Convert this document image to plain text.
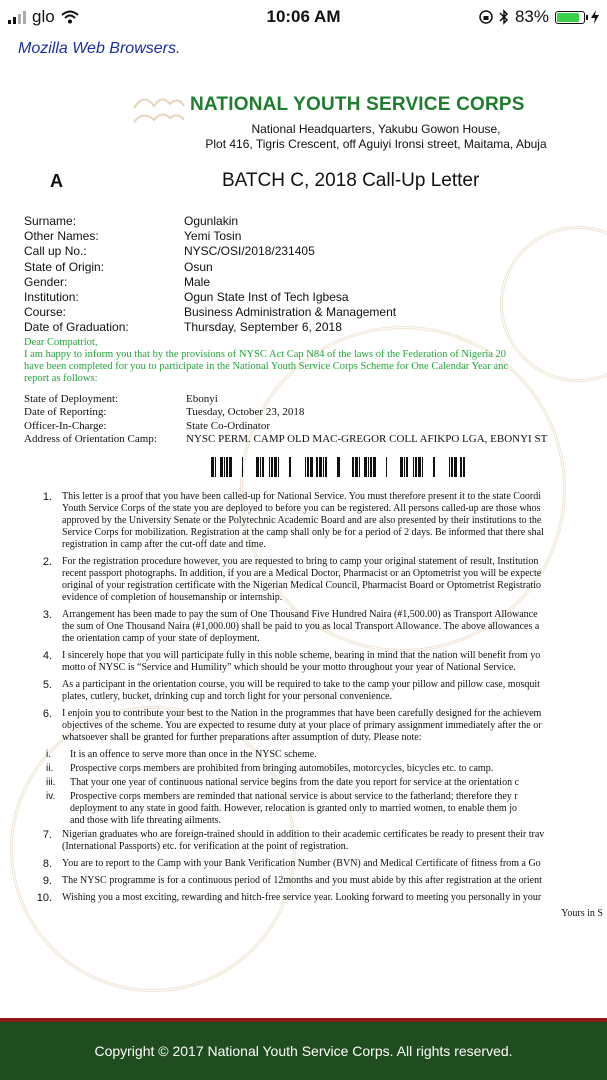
glo	10:06 AM	83%
Mozilla Web Browsers.
NATIONAL YOUTH SERVICE CORPS
National Headquarters, Yakubu Gowon House,
Plot 416, Tigris Crescent, off Aguiyi Ironsi street, Maitama, Abuja
A	BATCH C, 2018 Call-Up Letter
Surname:	Ogunlakin
Other Names:	Yemi Tosin
Call up No.:	NYSC/OSI/2018/231405
State of Origin:	Osun
Gender:	Male
Institution:	Ogun State Inst of Tech Igbesa
Course:	Business Administration & Management
Date of Graduation:	Thursday, September 6, 2018
Dear Compatriot,
I am happy to inform you that by the provisions of NYSC Act Cap N84 of the laws of the Federation of Nigeria 20
have been completed for you to participate in the National Youth Service Corps Scheme for One Calendar Year anc
report as follows:
State of Deployment:	Ebonyi
Date of Reporting:	Tuesday, October 23, 2018
Officer-In-Charge:	State Co-Ordinator
Address of Orientation Camp:	NYSC PERM. CAMP OLD MAC-GREGOR COLL AFIKPO LGA, EBONYI ST
1. This letter is a proof that you have been called-up for National Service. You must therefore present it to the state Coordi
Youth Service Corps of the state you are deployed to before you can be registered. All persons called-up are those whos
approved by the University Senate or the Polytechnic Academic Board and are also presented by their institutions to the
Service Corps for mobilization. Registration at the camp shall only be for a period of 2 days. Be informed that there shal
registration in camp after the cut-off date and time.
2. For the registration procedure however, you are requested to bring to camp your original statement of result, Institution
recent passport photographs. In addition, if you are a Medical Doctor, Pharmacist or an Optometrist you will be expecte
original of your registration certificate with the Nigerian Medical Council, Pharmacist Board or Optometrist Registratio
evidence of completion of housemanship or internship.
3. Arrangement has been made to pay the sum of One Thousand Five Hundred Naira (#1,500.00) as Transport Allowance
the sum of One Thousand Naira (#1,000.00) shall be paid to you as local Transport Allowance. The above allowances a
the orientation camp of your state of deployment.
4. I sincerely hope that you will participate fully in this noble scheme, bearing in mind that the nation will benefit from yo
motto of NYSC is “Service and Humility” which should be your motto throughout your year of National Service.
5. As a participant in the orientation course, you will be required to take to the camp your pillow and pillow case, mosquit
plates, cutlery, bucket, drinking cup and torch light for your personal convenience.
6. I enjoin you to contribute your best to the Nation in the programmes that have been carefully designed for the achievem
objectives of the scheme. You are expected to resume duty at your place of primary assignment immediately after the or
whatsoever shall be granted for further preparations after assumption of duty. Please note:
i. It is an offence to serve more than once in the NYSC scheme.
ii. Prospective corps members are prohibited from bringing automobiles, motorcycles, bicycles etc. to camp.
iii. That your one year of continuous national service begins from the date you report for service at the orientation c
iv. Prospective corps members are reminded that national service is about service to the fatherland; therefore they r
deployment to any state in good faith. However, relocation is granted only to married women, to enable them jo
and those with life threating ailments.
7. Nigerian graduates who are foreign-trained should in addition to their academic certificates be ready to present their trav
(International Passports) etc. for verification at the point of registration.
8. You are to report to the Camp with your Bank Verification Number (BVN) and Medical Certificate of fitness from a Go
9. The NYSC programme is for a continuous period of 12months and you must abide by this after registration at the orient
10. Wishing you a most exciting, rewarding and hitch-free service year. Looking forward to meeting you personally in your
Yours in S
Copyright © 2017 National Youth Service Corps. All rights reserved.
